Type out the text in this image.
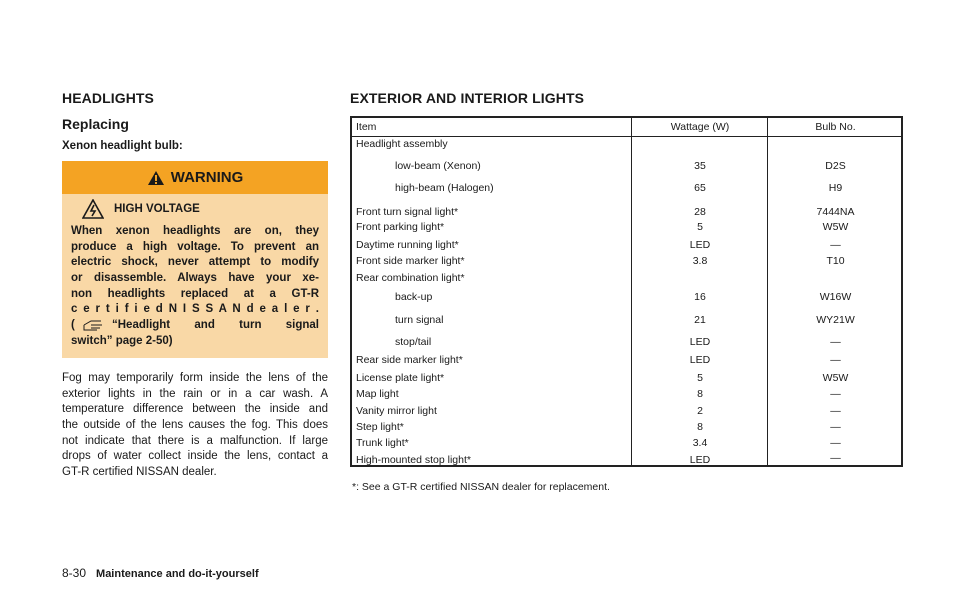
HEADLIGHTS
Replacing
Xenon headlight bulb:
WARNING
HIGH VOLTAGE
When xenon headlights are on, they
produce a high voltage. To prevent an
electric shock, never attempt to modify
or disassemble. Always have your xe-
non headlights replaced at a GT-R
c e r t i f i e d N I S S A N d e a l e r .
(	“Headlight and turn signal
switch” page 2-50)
Fog may temporarily form inside the lens of the
exterior lights in the rain or in a car wash. A
temperature difference between the inside and
the outside of the lens causes the fog. This does
not indicate that there is a malfunction. If large
drops of water collect inside the lens, contact a
GT-R certified NISSAN dealer.
EXTERIOR AND INTERIOR LIGHTS
Item	Wattage (W)	Bulb No.
Headlight assembly
low-beam (Xenon)	35	D2S
high-beam (Halogen)	65	H9
Front turn signal light*	28	7444NA
Front parking light*	5	W5W
Daytime running light*	LED	—
Front side marker light*	3.8	T10
Rear combination light*
back-up	16	W16W
turn signal	21	WY21W
stop/tail	LED	—
Rear side marker light*	LED	—
License plate light*	5	W5W
Map light	8	—
Vanity mirror light	2	—
Step light*	8	—
Trunk light*	3.4	—
High-mounted stop light*	LED	—
*: See a GT-R certified NISSAN dealer for replacement.
8-30 Maintenance and do-it-yourself
